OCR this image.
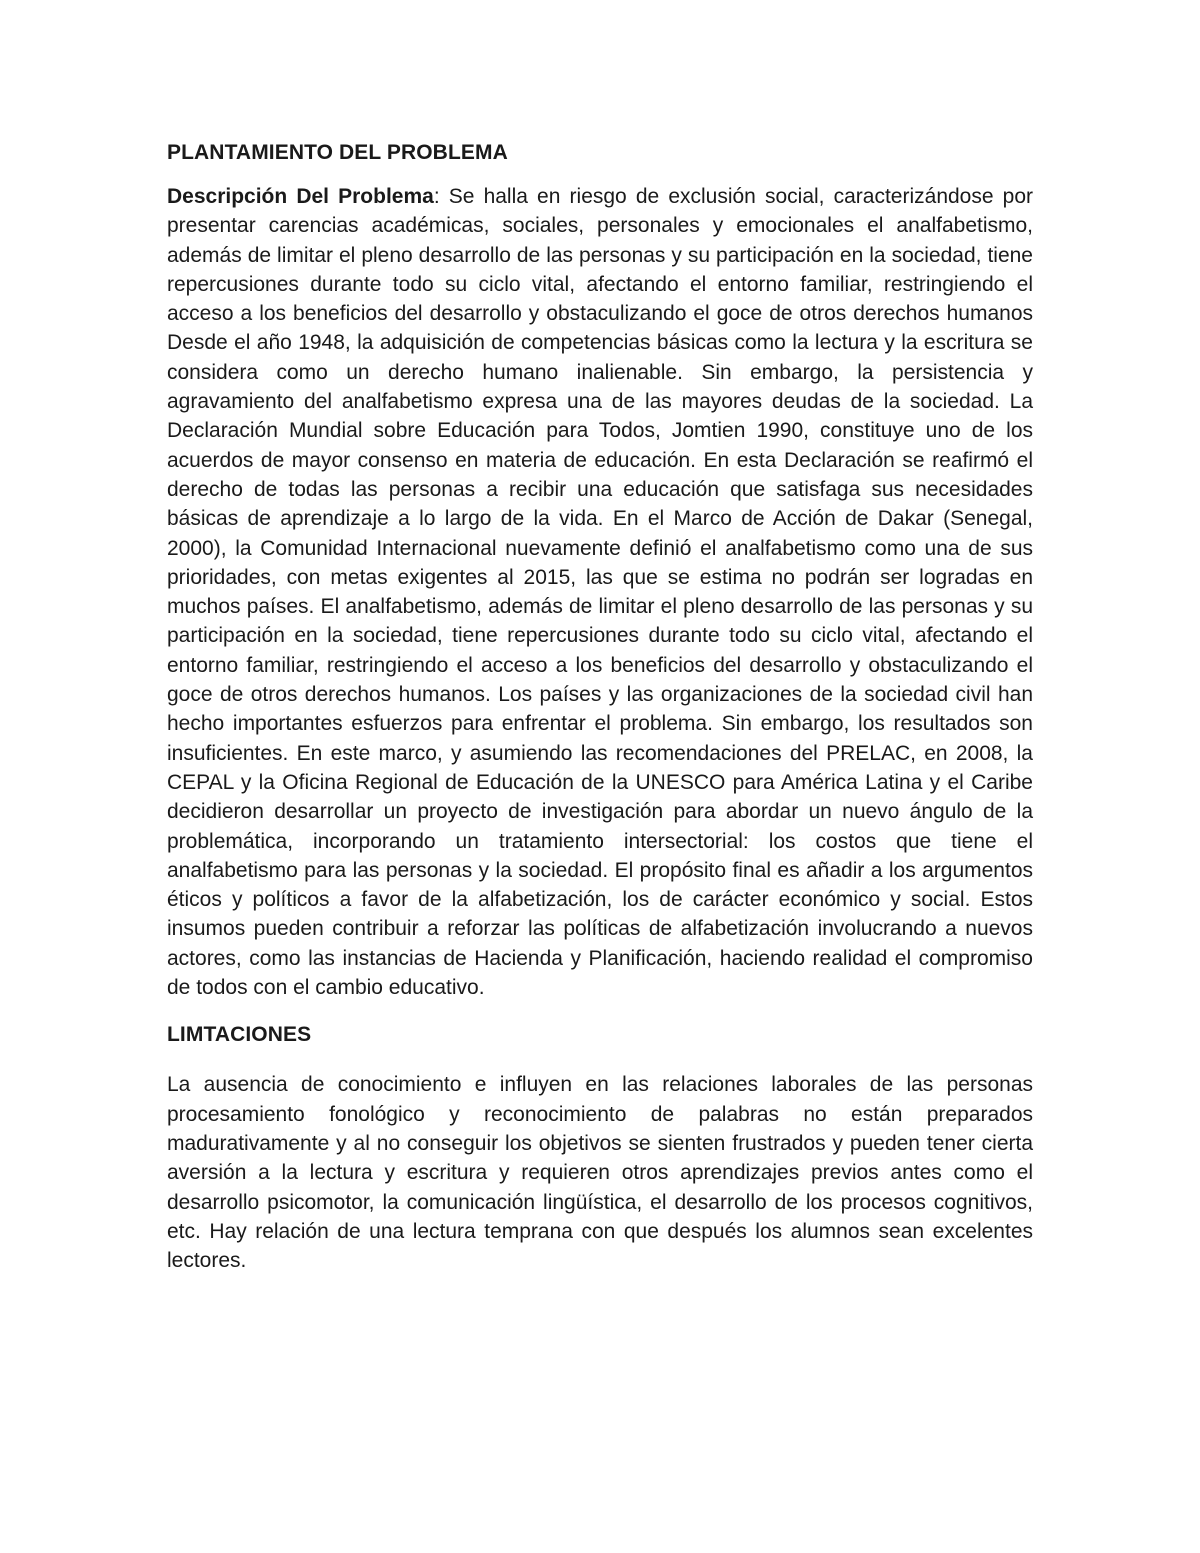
PLANTAMIENTO DEL PROBLEMA

Descripción Del Problema: Se halla en riesgo de exclusión social, caracterizándose por presentar carencias académicas, sociales, personales y emocionales el analfabetismo, además de limitar el pleno desarrollo de las personas y su participación en la sociedad, tiene repercusiones durante todo su ciclo vital, afectando el entorno familiar, restringiendo el acceso a los beneficios del desarrollo y obstaculizando el goce de otros derechos humanos Desde el año 1948, la adquisición de competencias básicas como la lectura y la escritura se considera como un derecho humano inalienable. Sin embargo, la persistencia y agravamiento del analfabetismo expresa una de las mayores deudas de la sociedad. La Declaración Mundial sobre Educación para Todos, Jomtien 1990, constituye uno de los acuerdos de mayor consenso en materia de educación. En esta Declaración se reafirmó el derecho de todas las personas a recibir una educación que satisfaga sus necesidades básicas de aprendizaje a lo largo de la vida. En el Marco de Acción de Dakar (Senegal, 2000), la Comunidad Internacional nuevamente definió el analfabetismo como una de sus prioridades, con metas exigentes al 2015, las que se estima no podrán ser logradas en muchos países. El analfabetismo, además de limitar el pleno desarrollo de las personas y su participación en la sociedad, tiene repercusiones durante todo su ciclo vital, afectando el entorno familiar, restringiendo el acceso a los beneficios del desarrollo y obstaculizando el goce de otros derechos humanos. Los países y las organizaciones de la sociedad civil han hecho importantes esfuerzos para enfrentar el problema. Sin embargo, los resultados son insuficientes. En este marco, y asumiendo las recomendaciones del PRELAC, en 2008, la CEPAL y la Oficina Regional de Educación de la UNESCO para América Latina y el Caribe decidieron desarrollar un proyecto de investigación para abordar un nuevo ángulo de la problemática, incorporando un tratamiento intersectorial: los costos que tiene el analfabetismo para las personas y la sociedad. El propósito final es añadir a los argumentos éticos y políticos a favor de la alfabetización, los de carácter económico y social. Estos insumos pueden contribuir a reforzar las políticas de alfabetización involucrando a nuevos actores, como las instancias de Hacienda y Planificación, haciendo realidad el compromiso de todos con el cambio educativo.

LIMTACIONES

La ausencia de conocimiento e influyen en las relaciones laborales de las personas procesamiento fonológico y reconocimiento de palabras no están preparados madurativamente y al no conseguir los objetivos se sienten frustrados y pueden tener cierta aversión a la lectura y escritura y requieren otros aprendizajes previos antes como el desarrollo psicomotor, la comunicación lingüística, el desarrollo de los procesos cognitivos, etc. Hay relación de una lectura temprana con que después los alumnos sean excelentes lectores.
